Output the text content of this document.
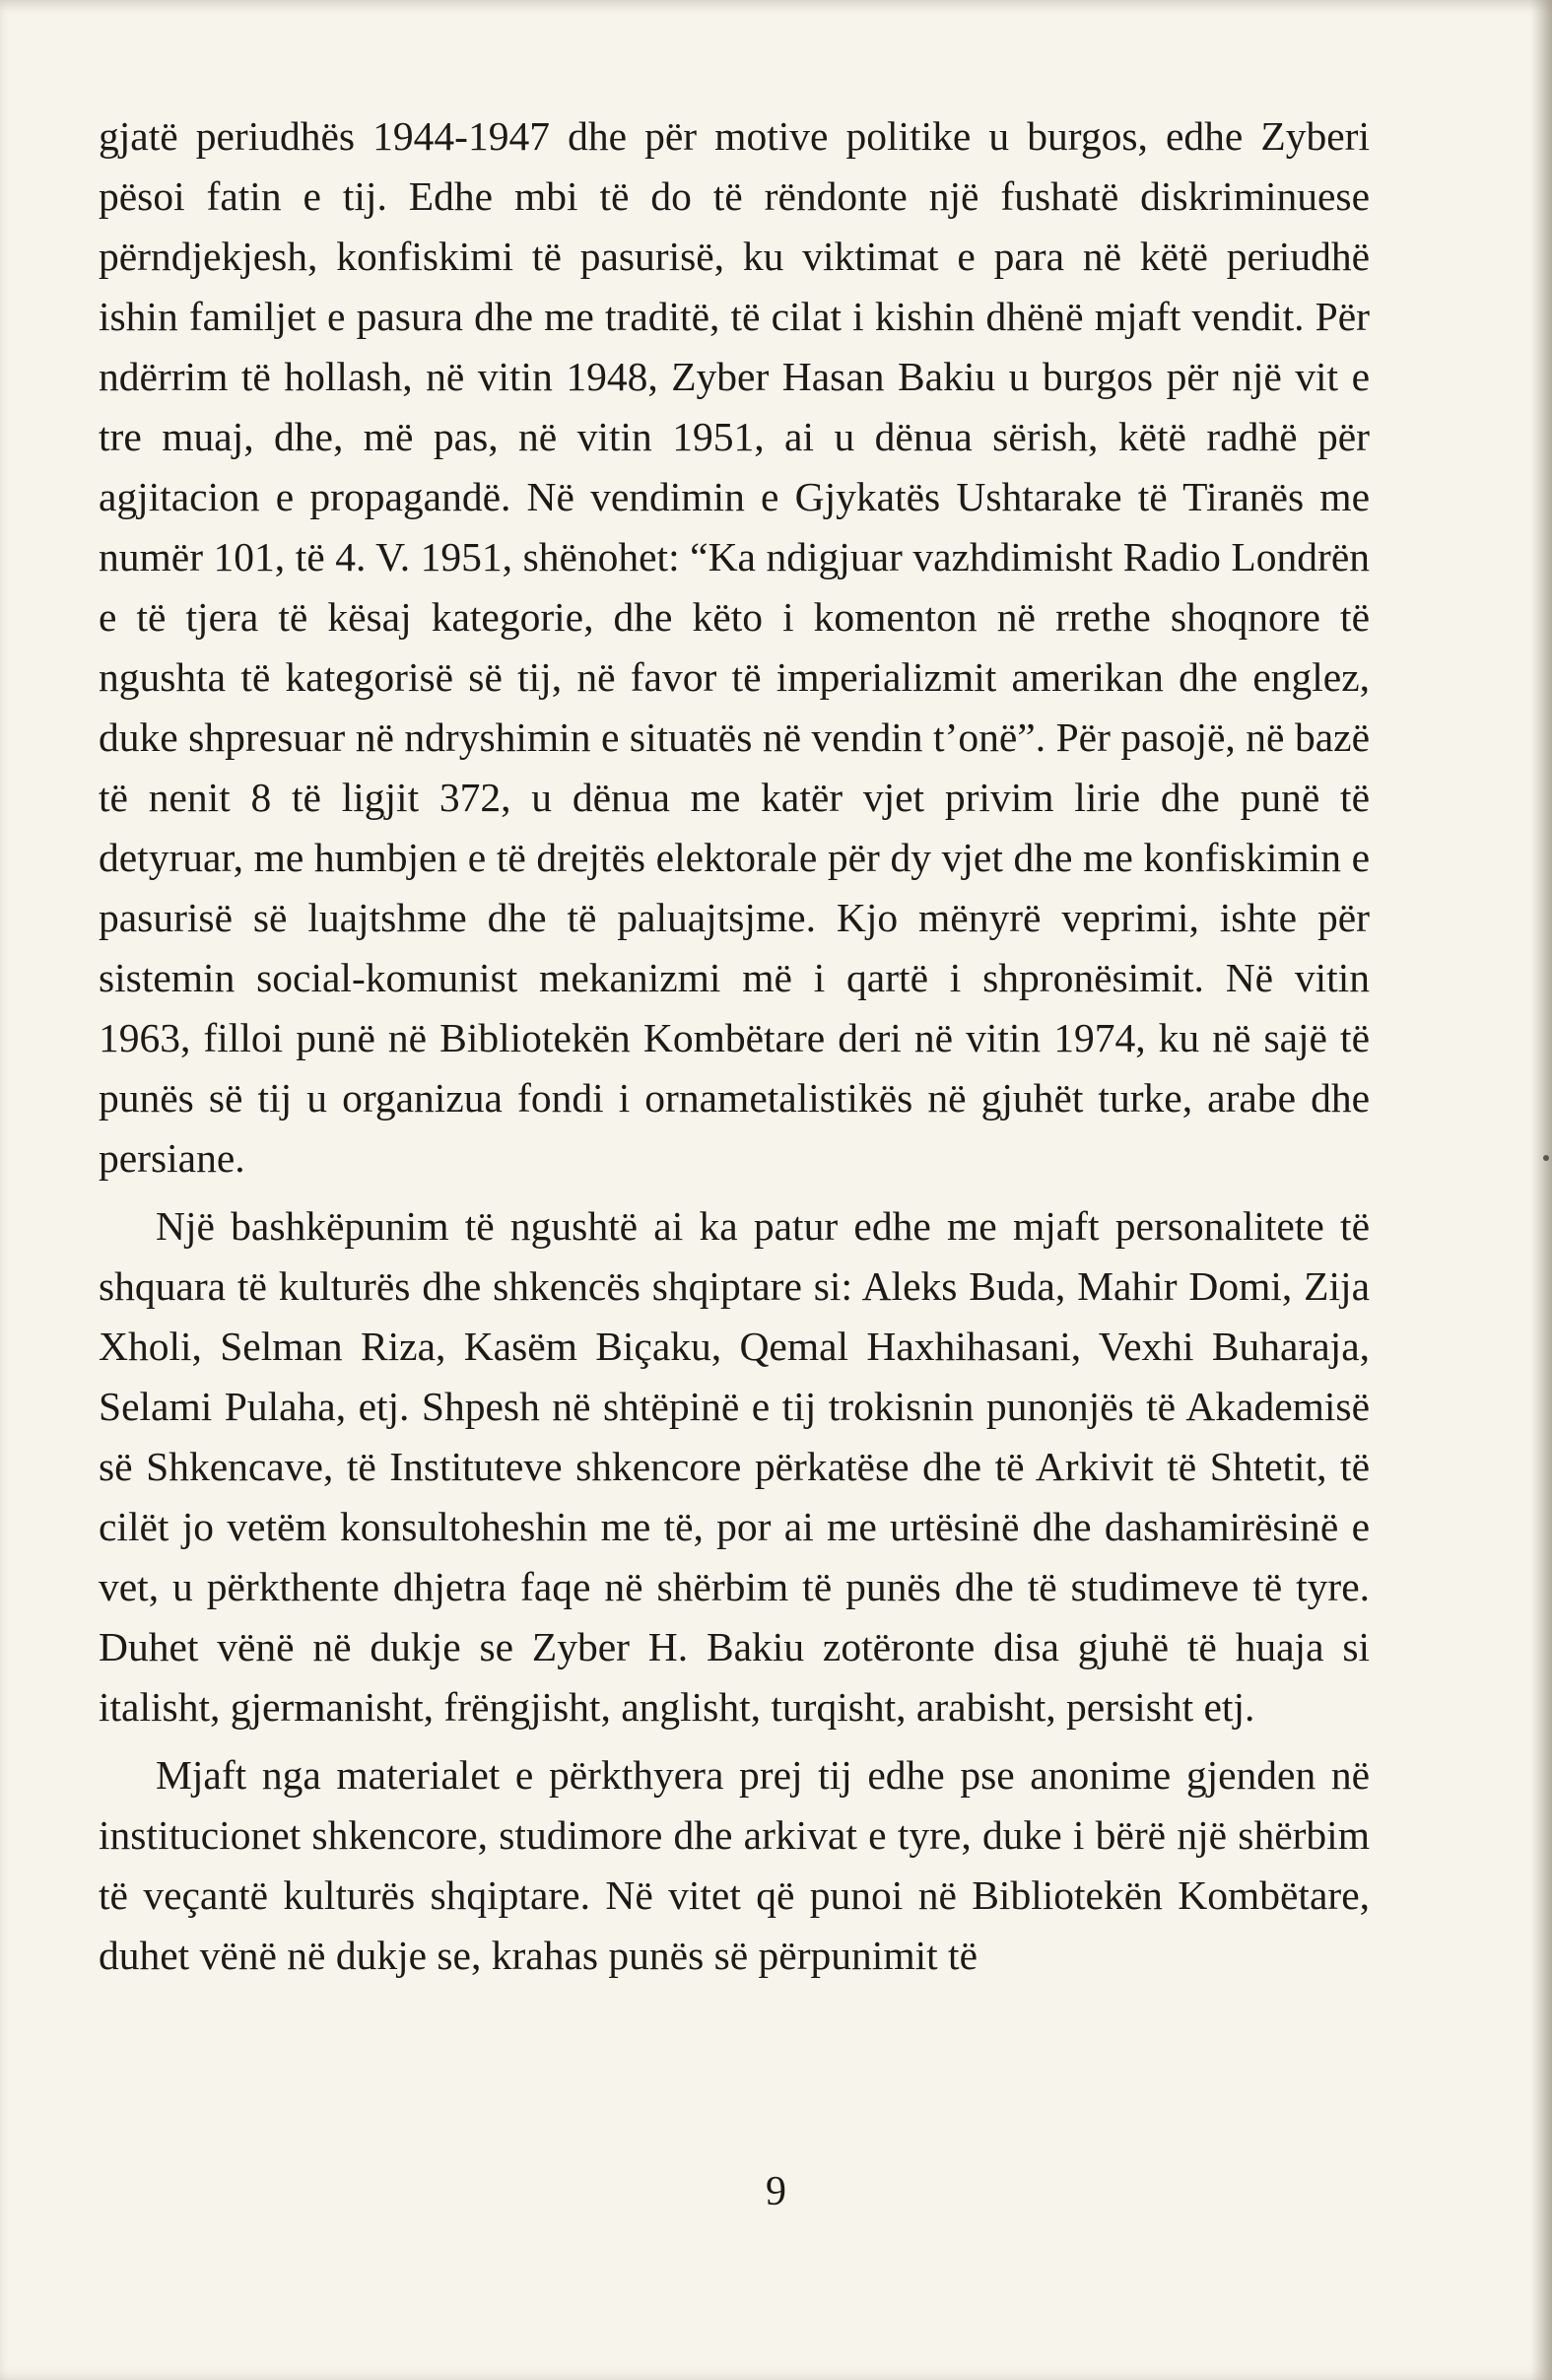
gjatë periudhës 1944-1947 dhe për motive politike u burgos, edhe Zyberi pësoi fatin e tij. Edhe mbi të do të rëndonte një fushatë diskriminuese përndjekjesh, konfiskimi të pasurisë, ku viktimat e para në këtë periudhë ishin familjet e pasura dhe me traditë, të cilat i kishin dhënë mjaft vendit. Për ndërrim të hollash, në vitin 1948, Zyber Hasan Bakiu u burgos për një vit e tre muaj, dhe, më pas, në vitin 1951, ai u dënua sërish, këtë radhë për agjitacion e propagandë. Në vendimin e Gjykatës Ushtarake të Tiranës me numër 101, të 4. V. 1951, shënohet: “Ka ndigjuar vazhdimisht Radio Londrën e të tjera të kësaj kategorie, dhe këto i komenton në rrethe shoqnore të ngushta të kategorisë së tij, në favor të imperializmit amerikan dhe englez, duke shpresuar në ndryshimin e situatës në vendin t’onë”. Për pasojë, në bazë të nenit 8 të ligjit 372, u dënua me katër vjet privim lirie dhe punë të detyruar, me humbjen e të drejtës elektorale për dy vjet dhe me konfiskimin e pasurisë së luajtshme dhe të paluajtsjme. Kjo mënyrë veprimi, ishte për sistemin social-komunist mekanizmi më i qartë i shpronësimit. Në vitin 1963, filloi punë në Bibliotekën Kombëtare deri në vitin 1974, ku në sajë të punës së tij u organizua fondi i ornametalistikës në gjuhët turke, arabe dhe persiane.

Një bashkëpunim të ngushtë ai ka patur edhe me mjaft personalitete të shquara të kulturës dhe shkencës shqiptare si: Aleks Buda, Mahir Domi, Zija Xholi, Selman Riza, Kasëm Biçaku, Qemal Haxhihasani, Vexhi Buharaja, Selami Pulaha, etj. Shpesh në shtëpinë e tij trokisnin punonjës të Akademisë së Shkencave, të Instituteve shkencore përkatëse dhe të Arkivit të Shtetit, të cilët jo vetëm konsultoheshin me të, por ai me urtësinë dhe dashamirësinë e vet, u përkthente dhjetra faqe në shërbim të punës dhe të studimeve të tyre. Duhet vënë në dukje se Zyber H. Bakiu zotëronte disa gjuhë të huaja si italisht, gjermanisht, frëngjisht, anglisht, turqisht, arabisht, persisht etj.

Mjaft nga materialet e përkthyera prej tij edhe pse anonime gjenden në institucionet shkencore, studimore dhe arkivat e tyre, duke i bërë një shërbim të veçantë kulturës shqiptare. Në vitet që punoi në Bibliotekën Kombëtare, duhet vënë në dukje se, krahas punës së përpunimit të

9
